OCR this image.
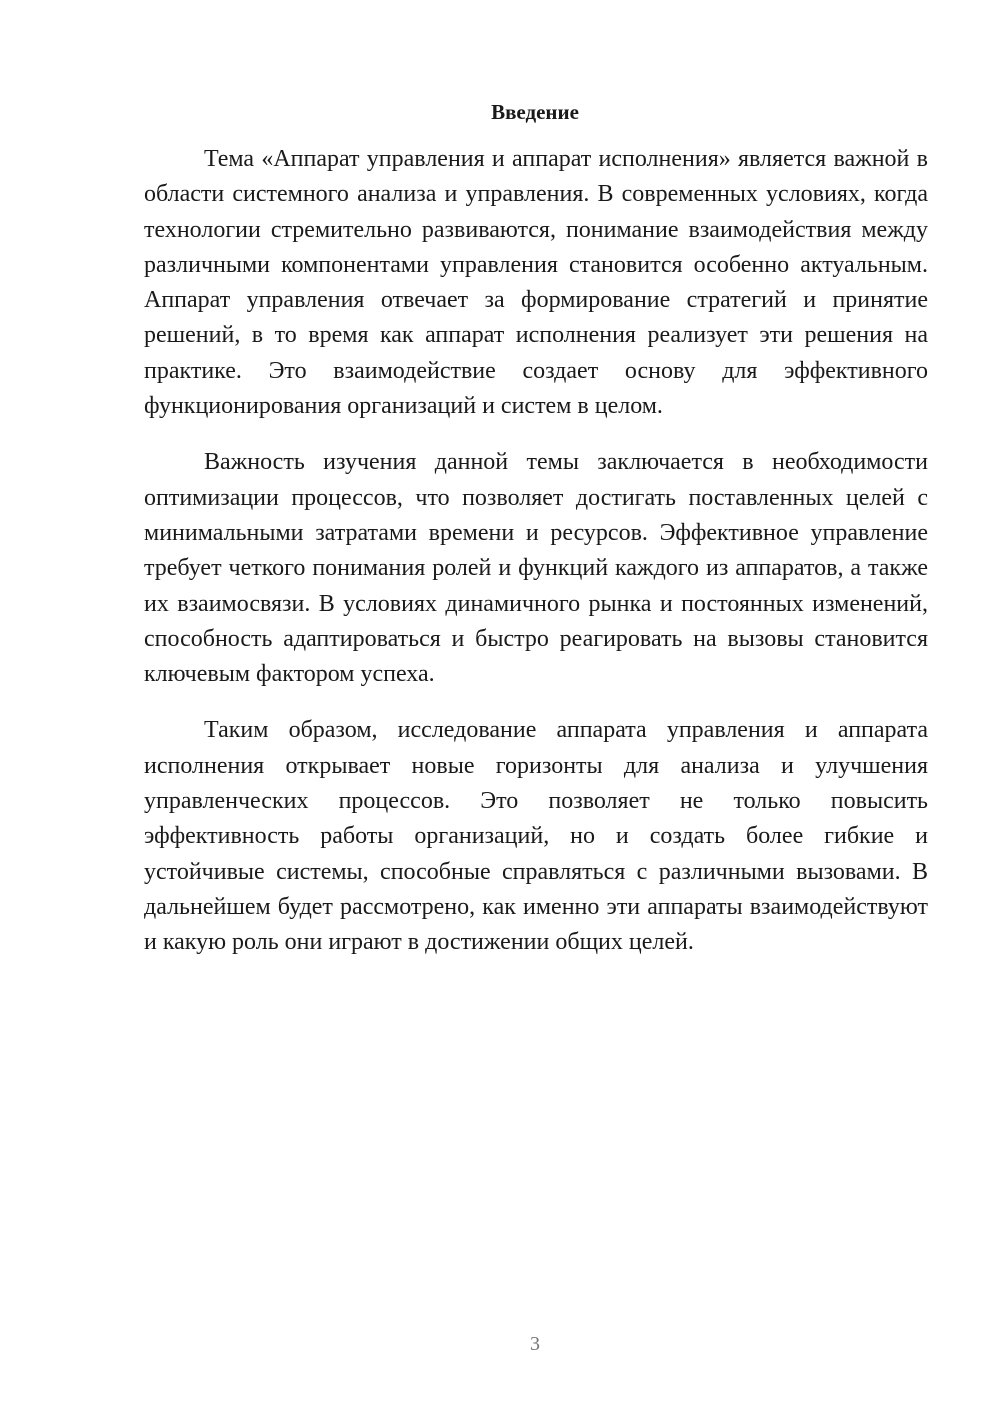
Введение

Тема «Аппарат управления и аппарат исполнения» является важной в области системного анализа и управления. В современных условиях, когда технологии стремительно развиваются, понимание взаимодействия между различными компонентами управления становится особенно актуальным. Аппарат управления отвечает за формирование стратегий и принятие решений, в то время как аппарат исполнения реализует эти решения на практике. Это взаимодействие создает основу для эффективного функционирования организаций и систем в целом.

Важность изучения данной темы заключается в необходимости оптимизации процессов, что позволяет достигать поставленных целей с минимальными затратами времени и ресурсов. Эффективное управление требует четкого понимания ролей и функций каждого из аппаратов, а также их взаимосвязи. В условиях динамичного рынка и постоянных изменений, способность адаптироваться и быстро реагировать на вызовы становится ключевым фактором успеха.

Таким образом, исследование аппарата управления и аппарата исполнения открывает новые горизонты для анализа и улучшения управленческих процессов. Это позволяет не только повысить эффективность работы организаций, но и создать более гибкие и устойчивые системы, способные справляться с различными вызовами. В дальнейшем будет рассмотрено, как именно эти аппараты взаимодействуют и какую роль они играют в достижении общих целей.

3
